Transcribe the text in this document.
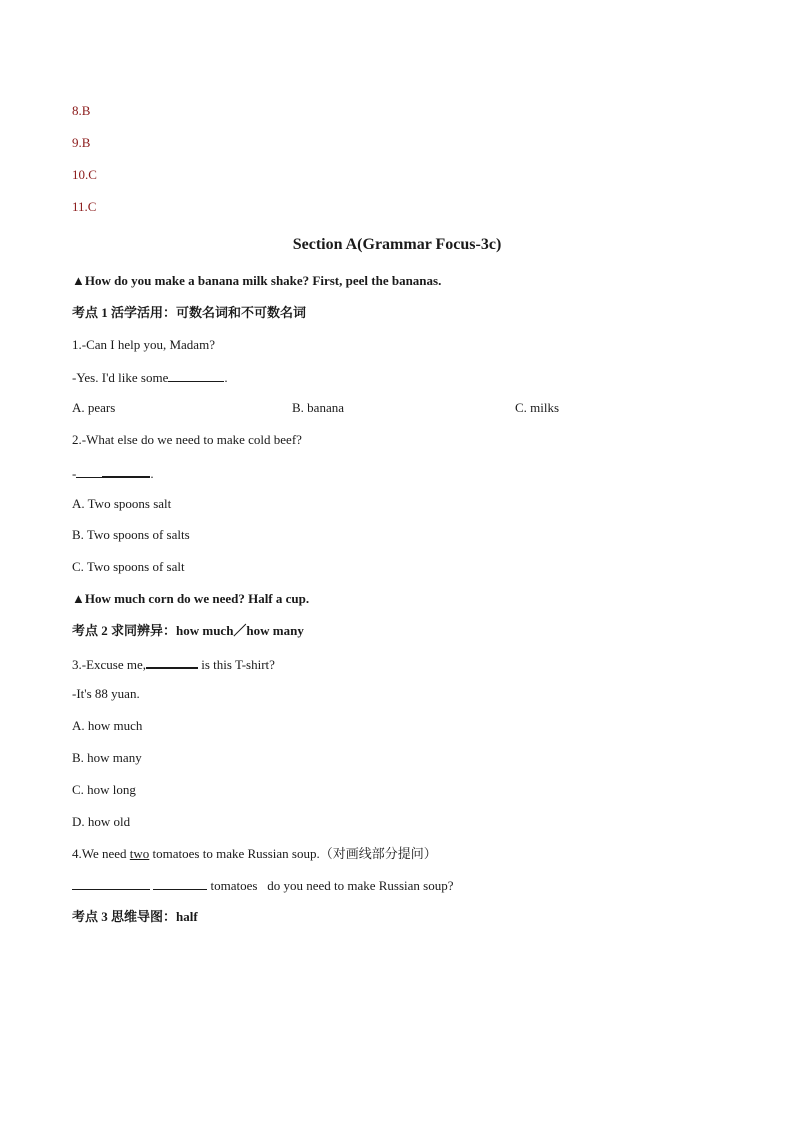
8.B
9.B
10.C
11.C
Section A(Grammar Focus-3c)
▲How do you make a banana milk shake? First, peel the bananas.
考点 1 活学活用：可数名词和不可数名词
1.-Can I help you, Madam?
-Yes. I'd like some	.
A. pears	B. banana	C. milks
2.-What else do we need to make cold beef?
-	.
A. Two spoons salt
B. Two spoons of salts
C. Two spoons of salt
▲How much corn do we need? Half a cup.
考点 2 求同辨异：how much／how many
3.-Excuse me,	is this T-shirt?
-It's 88 yuan.
A. how much
B. how many
C. how long
D. how old
4.We need two tomatoes to make Russian soup.（对画线部分提问）
tomatoes do you need to make Russian soup?
考点 3 思维导图：half
